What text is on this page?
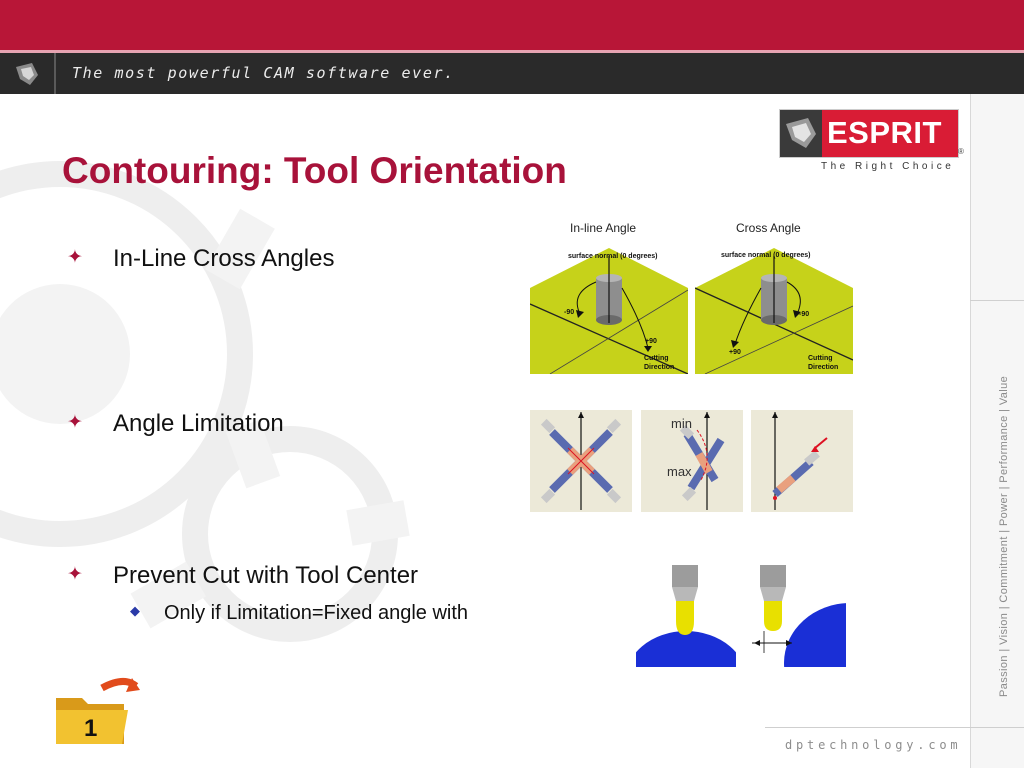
The most powerful CAM software ever.
Passion | Vision | Commitment | Power | Performance | Value
ESPRIT
®
The Right Choice
Contouring: Tool Orientation
✦ In-Line Cross Angles
✦ Angle Limitation
✦ Prevent Cut with Tool Center
◆ Only if Limitation=Fixed angle with
In-line Angle	Cross Angle
surface normal (0 degrees)
-90
+90
Cutting
Direction
surface normal (0 degrees)
-90
+90
Cutting
Direction
min
max
1
dptechnology.com
